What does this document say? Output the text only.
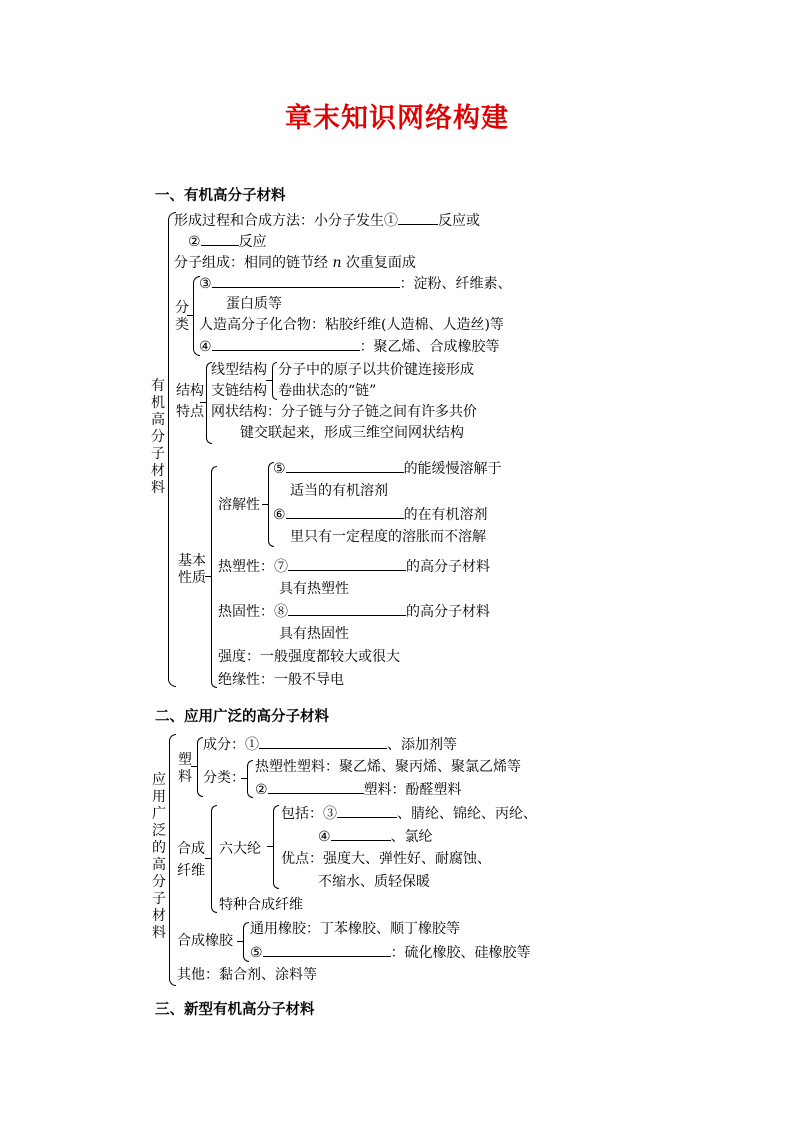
章末知识网络构建
一、有机高分子材料
有机高分子材料
形成过程和合成方法：小分子发生①	反应或
②	反应
分子组成：相同的链节经 n 次重复面成
分类
③	：淀粉、纤维素、
蛋白质等
人造高分子化合物：粘胶纤维(人造棉、人造丝)等
④	：聚乙烯、合成橡胶等
结构
特点
线型结构
支链结构
分子中的原子以共价键连接形成
卷曲状态的“链”
网状结构：分子链与分子链之间有许多共价
键交联起来，形成三维空间网状结构
基本
性质
溶解性
⑤	的能缓慢溶解于
适当的有机溶剂
⑥	的在有机溶剂
里只有一定程度的溶胀而不溶解
热塑性：⑦	的高分子材料
具有热塑性
热固性：⑧	的高分子材料
具有热固性
强度：一般强度都较大或很大
绝缘性：一般不导电
二、应用广泛的高分子材料
应用广泛的高分子材料
塑料
成分：①	、添加剂等
分类：
热塑性塑料：聚乙烯、聚丙烯、聚氯乙烯等
②	塑料：酚醛塑料
合成
纤维
六大纶
包括：③	、腈纶、锦纶、丙纶、
④	、氯纶
优点：强度大、弹性好、耐腐蚀、
不缩水、质轻保暖
特种合成纤维
合成橡胶
通用橡胶：丁苯橡胶、顺丁橡胶等
⑤	：硫化橡胶、硅橡胶等
其他：黏合剂、涂料等
三、新型有机高分子材料
